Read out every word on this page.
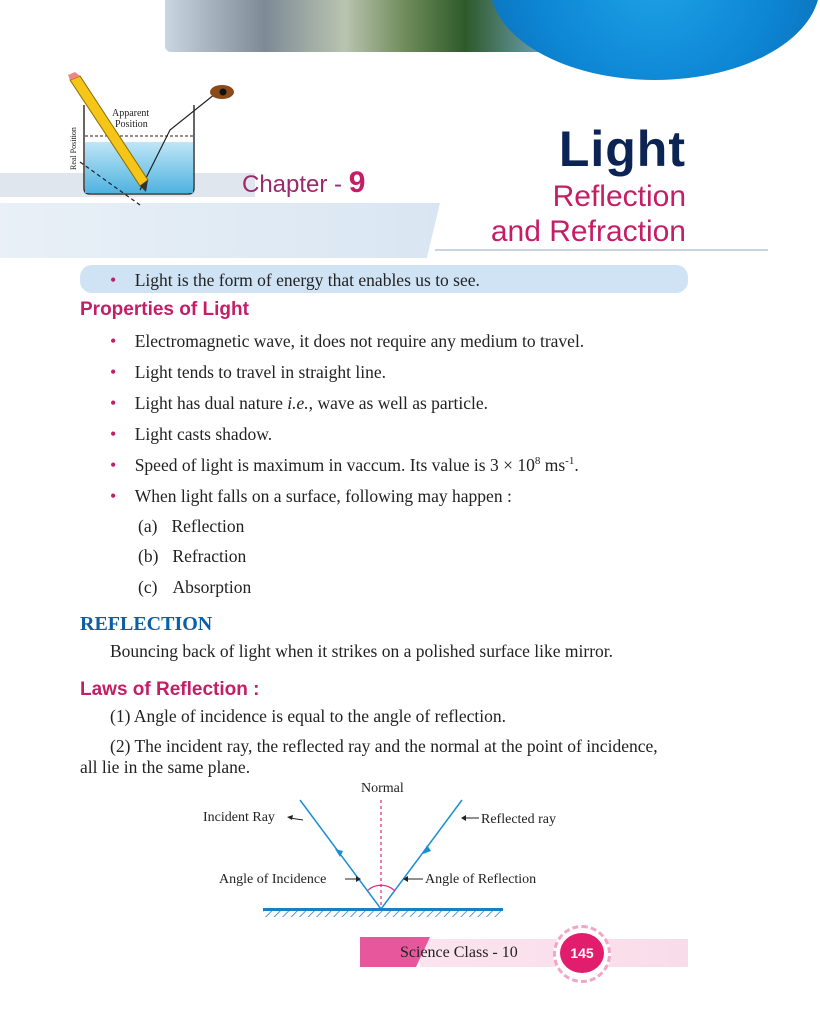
Apparent
Position
Real Position
Chapter - 9
Light
Reflection
and Refraction
• Light is the form of energy that enables us to see.
Properties of Light
• Electromagnetic wave, it does not require any medium to travel.
• Light tends to travel in straight line.
• Light has dual nature i.e., wave as well as particle.
• Light casts shadow.
• Speed of light is maximum in vaccum. Its value is $3 \times 10^8$ $ms^{-1}$.
• When light falls on a surface, following may happen :
(a) Reflection
(b) Refraction
(c) Absorption
REFLECTION
Bouncing back of light when it strikes on a polished surface like mirror.
Laws of Reflection :
(1) Angle of incidence is equal to the angle of reflection.
(2) The incident ray, the reflected ray and the normal at the point of incidence,
all lie in the same plane.
Normal
Incident Ray	Reflected ray
Angle of Incidence	Angle of Reflection
Science Class - 10	145
